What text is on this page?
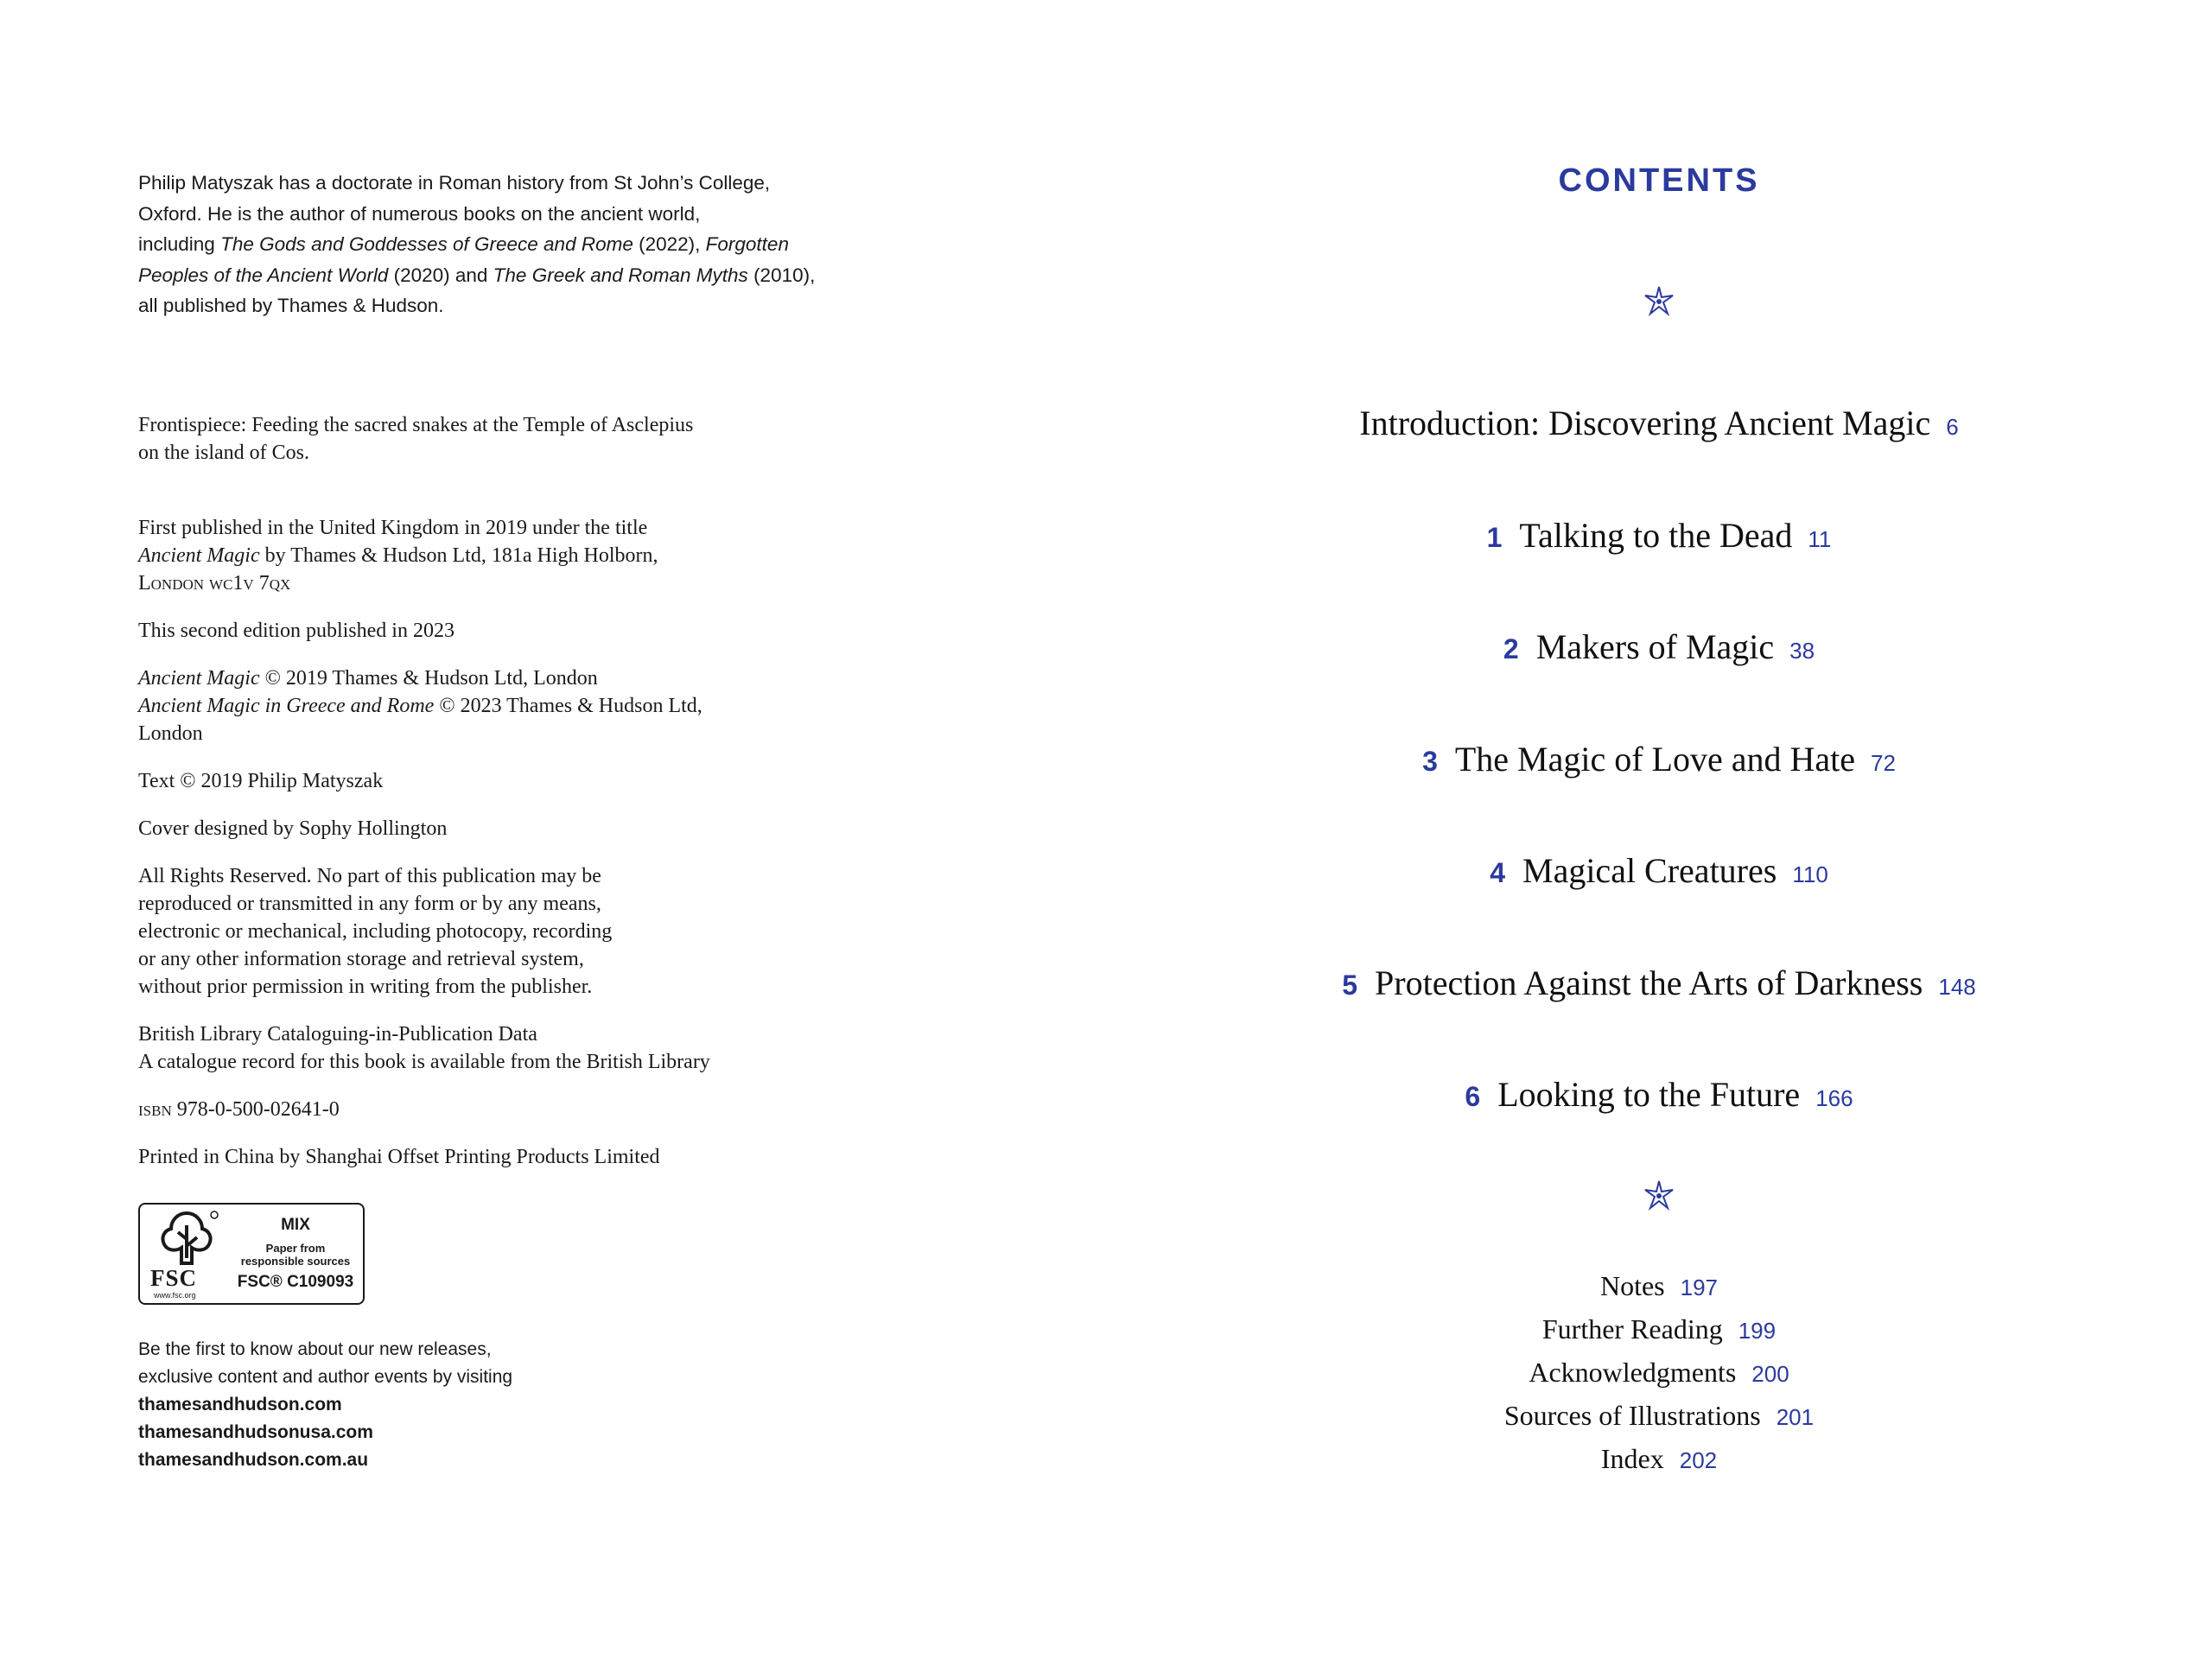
Philip Matyszak has a doctorate in Roman history from St John’s College,
Oxford. He is the author of numerous books on the ancient world,
including The Gods and Goddesses of Greece and Rome (2022), Forgotten
Peoples of the Ancient World (2020) and The Greek and Roman Myths (2010),
all published by Thames & Hudson.

Frontispiece: Feeding the sacred snakes at the Temple of Asclepius
on the island of Cos.

First published in the United Kingdom in 2019 under the title
Ancient Magic by Thames & Hudson Ltd, 181a High Holborn,
London wc1v 7qx

This second edition published in 2023

Ancient Magic © 2019 Thames & Hudson Ltd, London
Ancient Magic in Greece and Rome © 2023 Thames & Hudson Ltd,
London

Text © 2019 Philip Matyszak

Cover designed by Sophy Hollington

All Rights Reserved. No part of this publication may be
reproduced or transmitted in any form or by any means,
electronic or mechanical, including photocopy, recording
or any other information storage and retrieval system,
without prior permission in writing from the publisher.

British Library Cataloguing-in-Publication Data
A catalogue record for this book is available from the British Library

isbn 978-0-500-02641-0

Printed in China by Shanghai Offset Printing Products Limited

FSC
www.fsc.org
MIX
Paper from
responsible sources
FSC® C109093
Be the first to know about our new releases,
exclusive content and author events by visiting
thamesandhudson.com
thamesandhudsonusa.com
thamesandhudson.com.au
CONTENTS
Introduction: Discovering Ancient Magic 6
1 Talking to the Dead 11
2 Makers of Magic 38
3 The Magic of Love and Hate 72
4 Magical Creatures 110
5 Protection Against the Arts of Darkness 148
6 Looking to the Future 166
Notes 197
Further Reading 199
Acknowledgments 200
Sources of Illustrations 201
Index 202
